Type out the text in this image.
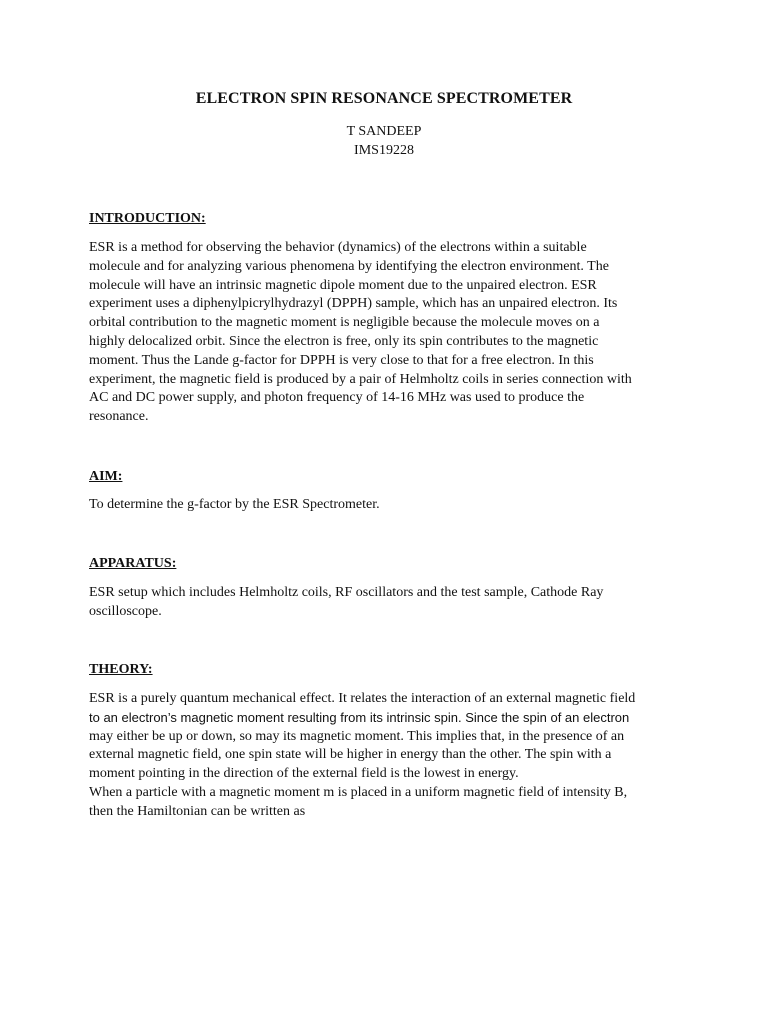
ELECTRON SPIN RESONANCE SPECTROMETER
T SANDEEP
IMS19228
INTRODUCTION:
ESR is a method for observing the behavior (dynamics) of the electrons within a suitable
molecule and for analyzing various phenomena by identifying the electron environment. The
molecule will have an intrinsic magnetic dipole moment due to the unpaired electron. ESR
experiment uses a diphenylpicrylhydrazyl (DPPH) sample, which has an unpaired electron. Its
orbital contribution to the magnetic moment is negligible because the molecule moves on a
highly delocalized orbit. Since the electron is free, only its spin contributes to the magnetic
moment. Thus the Lande g-factor for DPPH is very close to that for a free electron. In this
experiment, the magnetic field is produced by a pair of Helmholtz coils in series connection with
AC and DC power supply, and photon frequency of 14-16 MHz was used to produce the
resonance.
AIM:
To determine the g-factor by the ESR Spectrometer.
APPARATUS:
ESR setup which includes Helmholtz coils, RF oscillators and the test sample, Cathode Ray
oscilloscope.
THEORY:
ESR is a purely quantum mechanical effect. It relates the interaction of an external magnetic field
to an electron’s magnetic moment resulting from its intrinsic spin. Since the spin of an electron
may either be up or down, so may its magnetic moment. This implies that, in the presence of an
external magnetic field, one spin state will be higher in energy than the other. The spin with a
moment pointing in the direction of the external field is the lowest in energy.
When a particle with a magnetic moment m is placed in a uniform magnetic field of intensity B,
then the Hamiltonian can be written as
